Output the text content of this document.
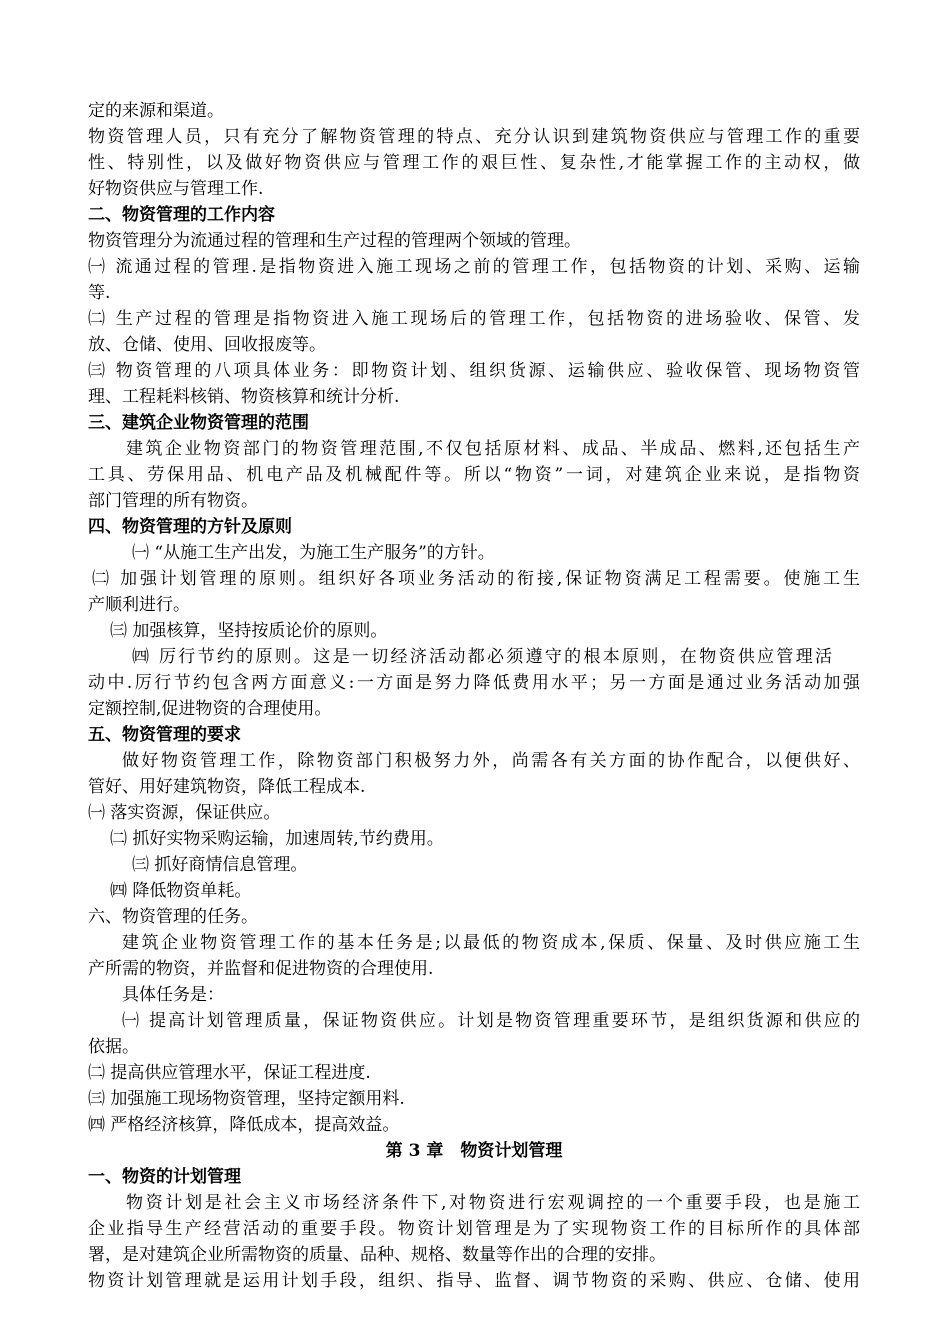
定的来源和渠道。
物资管理人员，只有充分了解物资管理的特点、充分认识到建筑物资供应与管理工作的重要
性、特别性，以及做好物资供应与管理工作的艰巨性、复杂性,才能掌握工作的主动权，做
好物资供应与管理工作.
二、物资管理的工作内容
物资管理分为流通过程的管理和生产过程的管理两个领域的管理。
㈠ 流通过程的管理.是指物资进入施工现场之前的管理工作，包括物资的计划、采购、运输
等.
㈡ 生产过程的管理是指物资进入施工现场后的管理工作，包括物资的进场验收、保管、发
放、仓储、使用、回收报废等。
㈢ 物资管理的八项具体业务：即物资计划、组织货源、运输供应、验收保管、现场物资管
理、工程耗料核销、物资核算和统计分析.
三、建筑企业物资管理的范围
建筑企业物资部门的物资管理范围,不仅包括原材料、成品、半成品、燃料,还包括生产
工具、劳保用品、机电产品及机械配件等。所以“物资”一词，对建筑企业来说，是指物资
部门管理的所有物资。
四、物资管理的方针及原则
㈠ “从施工生产出发，为施工生产服务”的方针。
㈡ 加强计划管理的原则。组织好各项业务活动的衔接,保证物资满足工程需要。使施工生
产顺利进行。
㈢ 加强核算，坚持按质论价的原则。
㈣ 厉行节约的原则。这是一切经济活动都必须遵守的根本原则，在物资供应管理活
动中.厉行节约包含两方面意义:一方面是努力降低费用水平；另一方面是通过业务活动加强
定额控制,促进物资的合理使用。
五、物资管理的要求
做好物资管理工作，除物资部门积极努力外，尚需各有关方面的协作配合，以便供好、
管好、用好建筑物资，降低工程成本.
㈠ 落实资源，保证供应。
㈡ 抓好实物采购运输，加速周转,节约费用。
㈢ 抓好商情信息管理。
㈣ 降低物资单耗。
六、物资管理的任务。
建筑企业物资管理工作的基本任务是;以最低的物资成本,保质、保量、及时供应施工生
产所需的物资，并监督和促进物资的合理使用.
具体任务是：
㈠ 提高计划管理质量，保证物资供应。计划是物资管理重要环节，是组织货源和供应的
依据。
㈡ 提高供应管理水平，保证工程进度.
㈢ 加强施工现场物资管理，坚持定额用料.
㈣ 严格经济核算，降低成本，提高效益。
第 3 章　物资计划管理
一、物资的计划管理
物资计划是社会主义市场经济条件下,对物资进行宏观调控的一个重要手段，也是施工
企业指导生产经营活动的重要手段。物资计划管理是为了实现物资工作的目标所作的具体部
署，是对建筑企业所需物资的质量、品种、规格、数量等作出的合理的安排。
物资计划管理就是运用计划手段，组织、指导、监督、调节物资的采购、供应、仓储、使用
